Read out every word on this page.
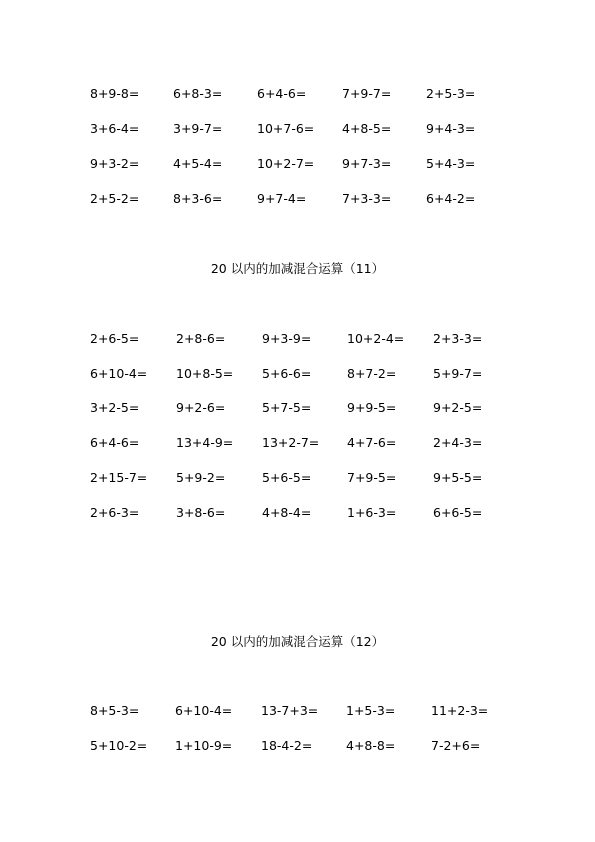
8+9-8=	6+8-3=	6+4-6=	7+9-7=	2+5-3=
3+6-4=	3+9-7=	10+7-6= 4+8-5=	9+4-3=
9+3-2=	4+5-4=	10+2-7= 9+7-3=	5+4-3=
2+5-2=	8+3-6=	9+7-4=	7+3-3=	6+4-2=
20 以内的加减混合运算（11）
2+6-5=	2+8-6=	9+3-9=	10+2-4= 2+3-3=
6+10-4= 10+8-5= 5+6-6=	8+7-2=	5+9-7=
3+2-5=	9+2-6=	5+7-5=	9+9-5=	9+2-5=
6+4-6=	13+4-9= 13+2-7= 4+7-6=	2+4-3=
2+15-7= 5+9-2=	5+6-5=	7+9-5=	9+5-5=
2+6-3=	3+8-6=	4+8-4=	1+6-3=	6+6-5=
20 以内的加减混合运算（12）
8+5-3=	6+10-4= 13-7+3= 1+5-3=	11+2-3=
5+10-2= 1+10-9= 18-4-2=	4+8-8=	7-2+6=
